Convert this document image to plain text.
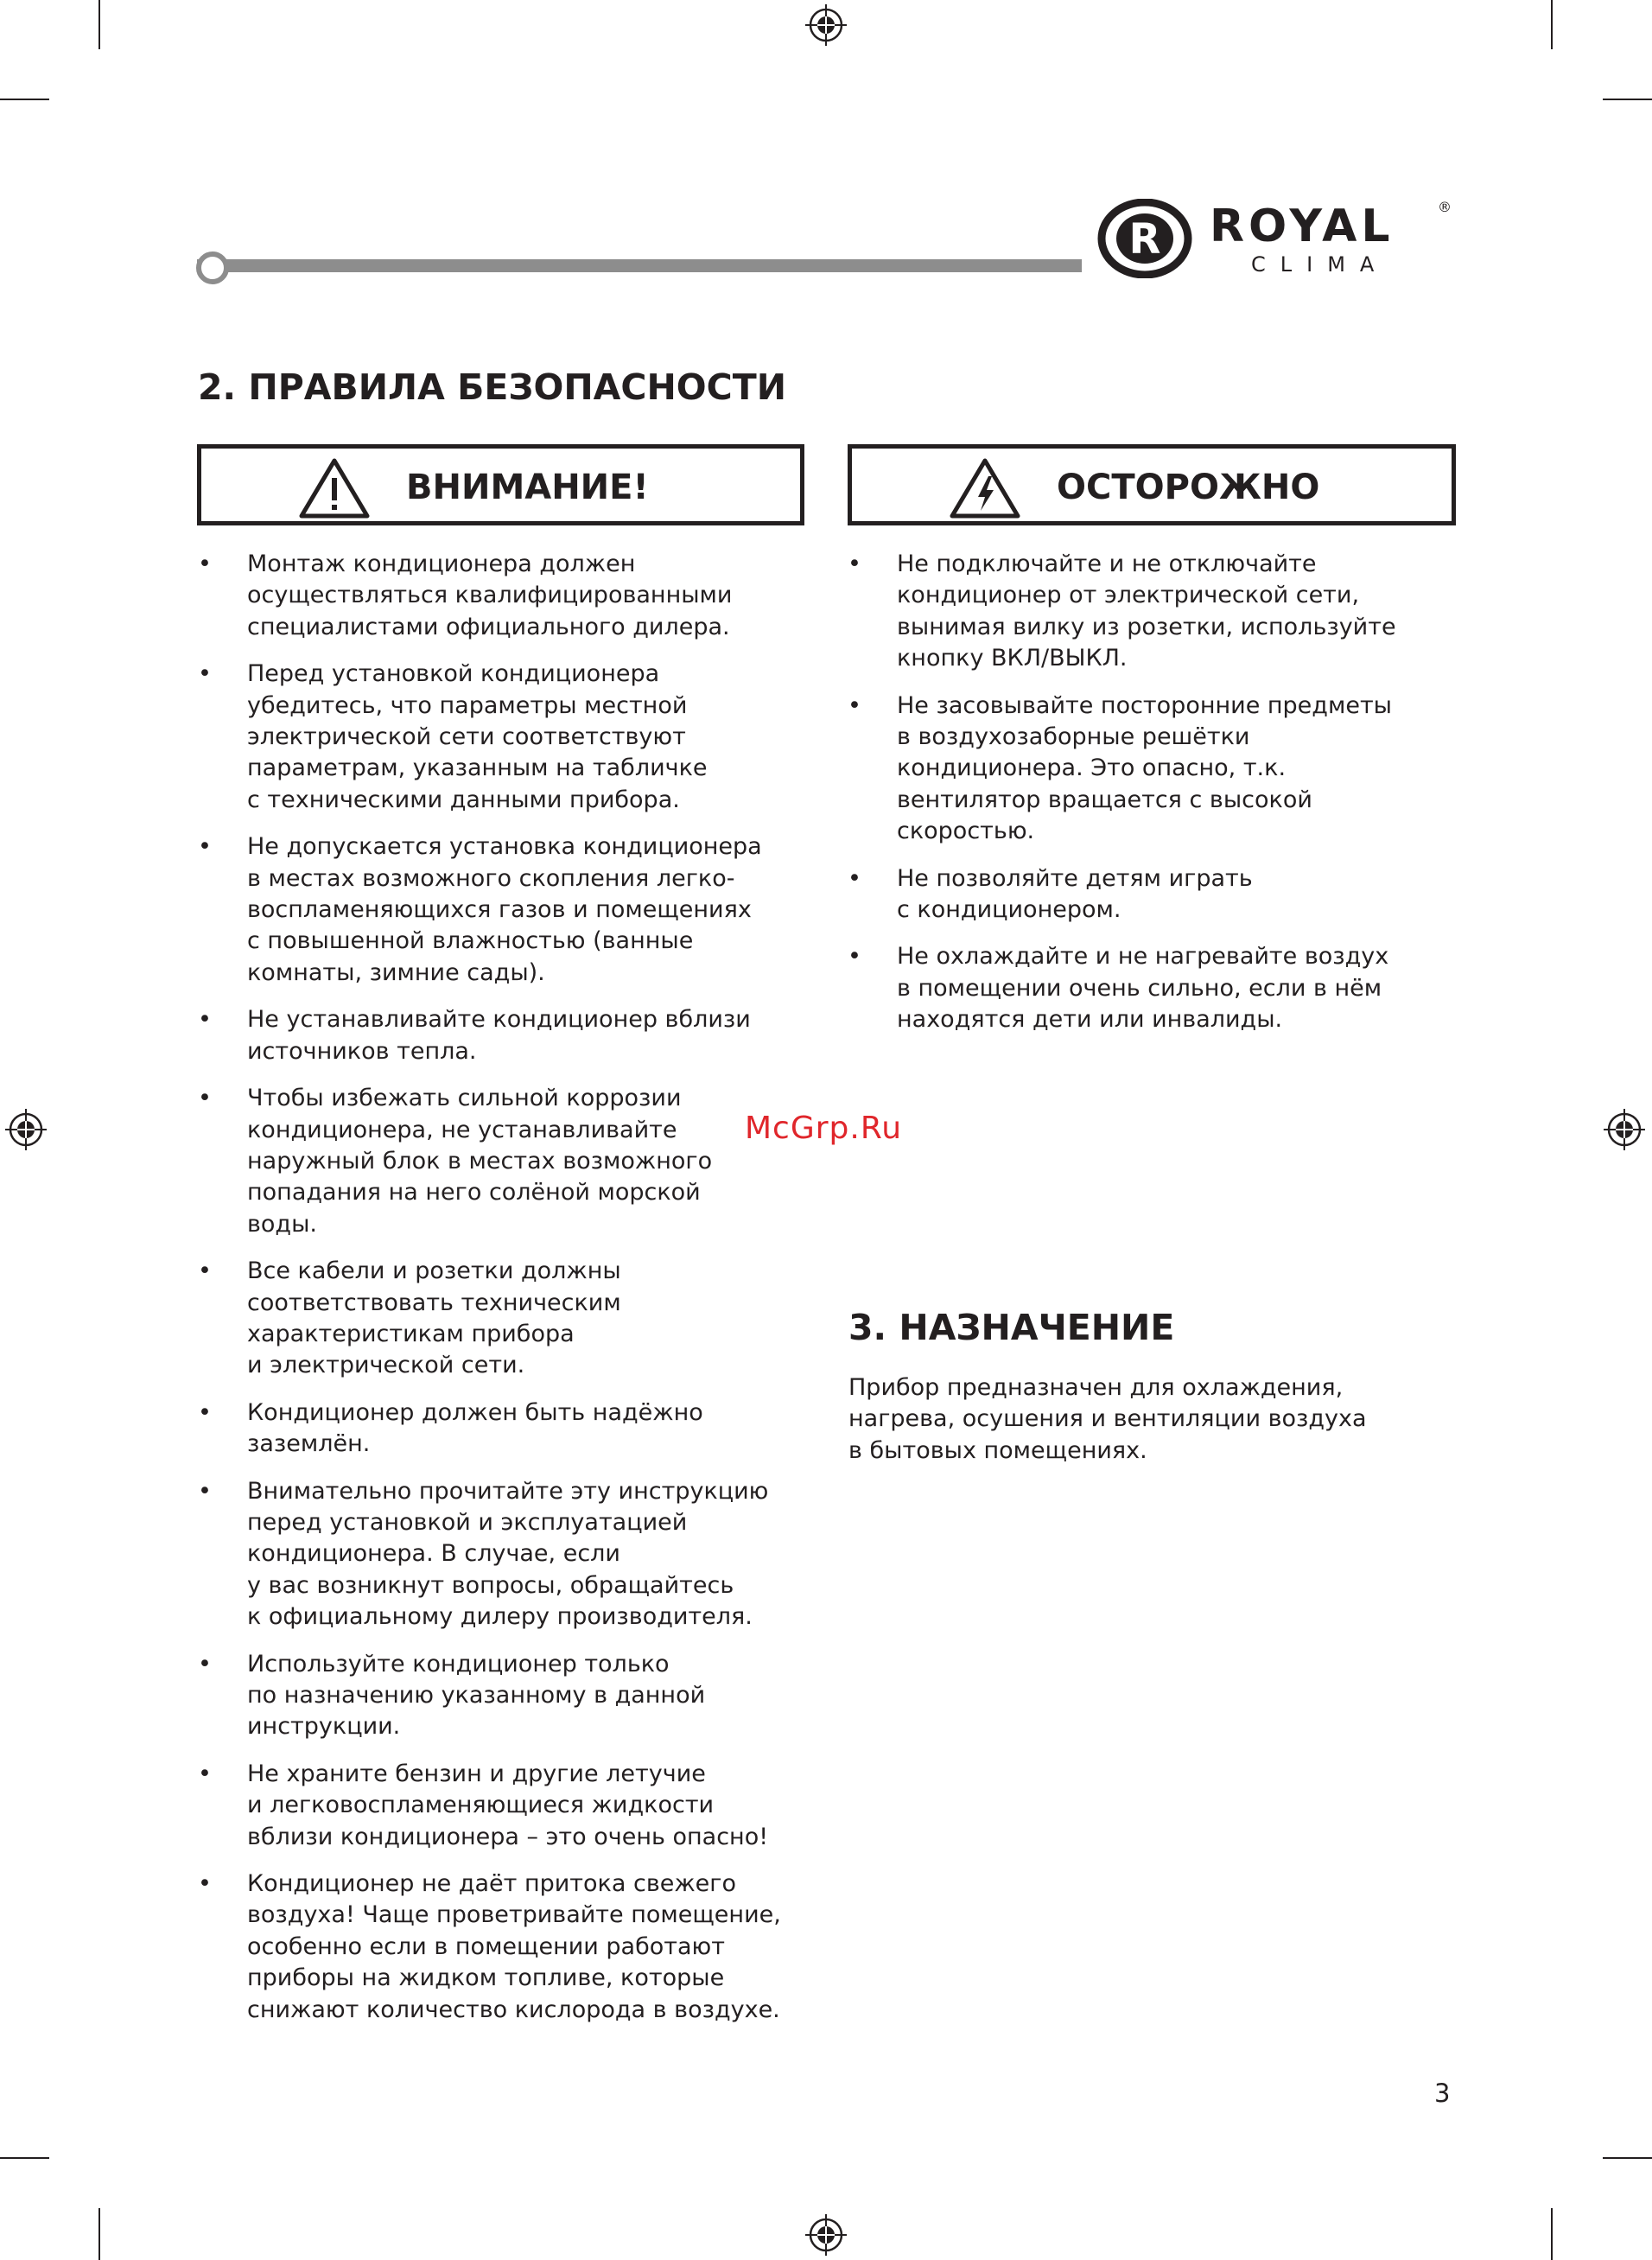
R ROYAL	®
CLIMA
2. ПРАВИЛА БЕЗОПАСНОСТИ
ВНИМАНИЕ!	ОСТОРОЖНО
• Монтаж кондиционера должен
осуществляться квалифицированными
специалистами официального дилера.
• Перед установкой кондиционера
убедитесь, что параметры местной
электрической сети соответствуют
параметрам, указанным на табличке
с техническими данными прибора.
• Не допускается установка кондиционера
в местах возможного скопления легко-
воспламеняющихся газов и помещениях
с повышенной влажностью (ванные
комнаты, зимние сады).
• Не устанавливайте кондиционер вблизи
источников тепла.
• Чтобы избежать сильной коррозии
кондиционера, не устанавливайте
наружный блок в местах возможного
попадания на него солёной морской
воды.
• Все кабели и розетки должны
соответствовать техническим
характеристикам прибора
и электрической сети.
• Кондиционер должен быть надёжно
заземлён.
• Внимательно прочитайте эту инструкцию
перед установкой и эксплуатацией
кондиционера. В случае, если
у вас возникнут вопросы, обращайтесь
к официальному дилеру производителя.
• Используйте кондиционер только
по назначению указанному в данной
инструкции.
• Не храните бензин и другие летучие
и легковоспламеняющиеся жидкости
вблизи кондиционера – это очень опасно!
• Кондиционер не даёт притока свежего
воздуха! Чаще проветривайте помещение,
особенно если в помещении работают
приборы на жидком топливе, которые
снижают количество кислорода в воздухе.
• Не подключайте и не отключайте
кондиционер от электрической сети,
вынимая вилку из розетки, используйте
кнопку ВКЛ/ВЫКЛ.
• Не засовывайте посторонние предметы
в воздухозаборные решётки
кондиционера. Это опасно, т.к.
вентилятор вращается с высокой
скоростью.
• Не позволяйте детям играть
с кондиционером.
• Не охлаждайте и не нагревайте воздух
в помещении очень сильно, если в нём
находятся дети или инвалиды.
McGrp.Ru
3. НАЗНАЧЕНИЕ
Прибор предназначен для охлаждения,
нагрева, осушения и вентиляции воздуха
в бытовых помещениях.
3
